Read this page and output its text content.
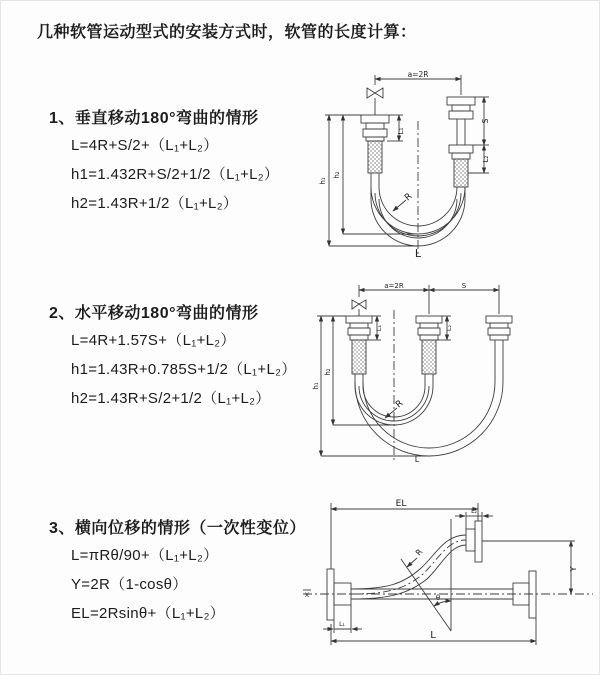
几种软管运动型式的安装方式时，软管的长度计算：
1、垂直移动180°弯曲的情形
L=4R+S/2+（L₁+L₂）
h1=1.432R+S/2+1/2（L₁+L₂）
h2=1.43R+1/2（L₁+L₂）
a=2R
L₁
S
L₂
h₁
h₂
R
L
2、水平移动180°弯曲的情形
L=4R+1.57S+（L₁+L₂）
h1=1.43R+0.785S+1/2（L₁+L₂）
h2=1.43R+S/2+1/2（L₁+L₂）
a=2R	S
L₁	L₂
h₁
h₂
R
L
3、横向位移的情形（一次性变位）
L=πRθ/90+（L₁+L₂）
Y=2R（1-cosθ）
EL=2Rsinθ+（L₁+L₂）
EL
L₂
R
Y
θ
L
L₁
X
